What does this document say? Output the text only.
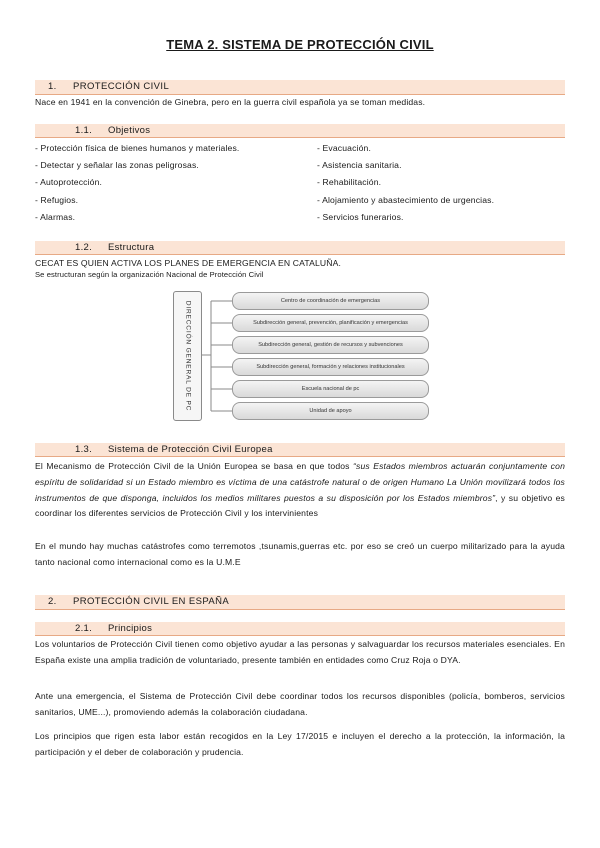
TEMA 2. SISTEMA DE PROTECCIÓN CIVIL
1. PROTECCIÓN CIVIL
Nace en 1941 en la convención de Ginebra, pero en la guerra civil española ya se toman medidas.
1.1. Objetivos
- Protección física de bienes humanos y materiales.
- Detectar y señalar las zonas peligrosas.
- Autoprotección.
- Refugios.
- Alarmas.
- Evacuación.
- Asistencia sanitaria.
- Rehabilitación.
- Alojamiento y abastecimiento de urgencias.
- Servicios funerarios.
1.2. Estructura
CECAT ES QUIEN ACTIVA LOS PLANES DE EMERGENCIA EN CATALUÑA.
Se estructuran según la organización Nacional de Protección Civil
DIRECCIÓN GENERAL DE PC	Centro de coordinación de emergencias
Subdirección general, prevención, planificación y emergencias
Subdirección general, gestión de recursos y subvenciones
Subdirección general, formación y relaciones institucionales
Escuela nacional de pc
Unidad de apoyo
1.3. Sistema de Protección Civil Europea
El Mecanismo de Protección Civil de la Unión Europea se basa en que todos “sus Estados miembros actuarán conjuntamente con espíritu de solidaridad si un Estado miembro es víctima de una catástrofe natural o de origen Humano La Unión movilizará todos los instrumentos de que disponga, incluidos los medios militares puestos a su disposición por los Estados miembros”, y su objetivo es coordinar los diferentes servicios de Protección Civil y los intervinientes
En el mundo hay muchas catástrofes como terremotos ,tsunamis,guerras etc. por eso se creó un cuerpo militarizado para la ayuda tanto nacional como internacional como es la U.M.E
2. PROTECCIÓN CIVIL EN ESPAÑA
2.1. Principios
Los voluntarios de Protección Civil tienen como objetivo ayudar a las personas y salvaguardar los recursos materiales esenciales. En España existe una amplia tradición de voluntariado, presente también en entidades como Cruz Roja o DYA.
Ante una emergencia, el Sistema de Protección Civil debe coordinar todos los recursos disponibles (policía, bomberos, servicios sanitarios, UME...), promoviendo además la colaboración ciudadana.
Los principios que rigen esta labor están recogidos en la Ley 17/2015 e incluyen el derecho a la protección, la información, la participación y el deber de colaboración y prudencia.
